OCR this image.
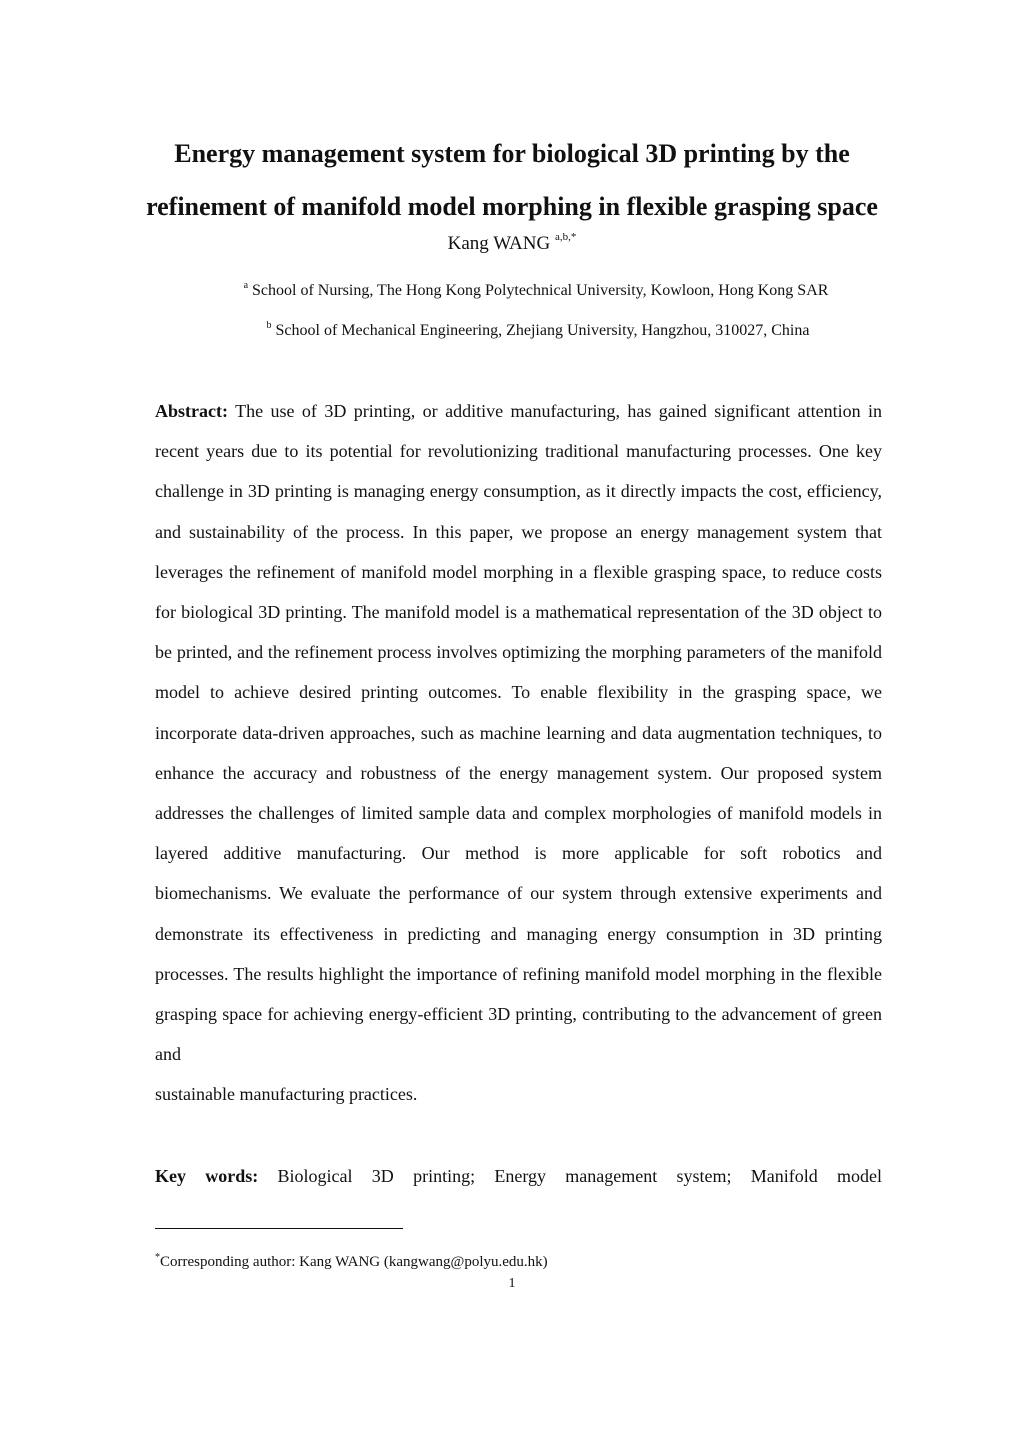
Energy management system for biological 3D printing by the
refinement of manifold model morphing in flexible grasping space
Kang WANG $^{a,b,*}$
$^a$ School of Nursing, The Hong Kong Polytechnical University, Kowloon, Hong Kong SAR
$^b$ School of Mechanical Engineering, Zhejiang University, Hangzhou, 310027, China

Abstract: The use of 3D printing, or additive manufacturing, has gained significant attention in recent years due to its potential for revolutionizing traditional manufacturing processes. One key challenge in 3D printing is managing energy consumption, as it directly impacts the cost, efficiency, and sustainability of the process. In this paper, we propose an energy management system that leverages the refinement of manifold model morphing in a flexible grasping space, to reduce costs for biological 3D printing. The manifold model is a mathematical representation of the 3D object to be printed, and the refinement process involves optimizing the morphing parameters of the manifold model to achieve desired printing outcomes. To enable flexibility in the grasping space, we incorporate data-driven approaches, such as machine learning and data augmentation techniques, to enhance the accuracy and robustness of the energy management system. Our proposed system addresses the challenges of limited sample data and complex morphologies of manifold models in layered additive manufacturing. Our method is more applicable for soft robotics and biomechanisms. We evaluate the performance of our system through extensive experiments and demonstrate its effectiveness in predicting and managing energy consumption in 3D printing processes. The results highlight the importance of refining manifold model morphing in the flexible grasping space for achieving energy-efficient 3D printing, contributing to the advancement of green and
sustainable manufacturing practices.

Key words: Biological 3D printing; Energy management system; Manifold model

*Corresponding author: Kang WANG (kangwang@polyu.edu.hk)
1
